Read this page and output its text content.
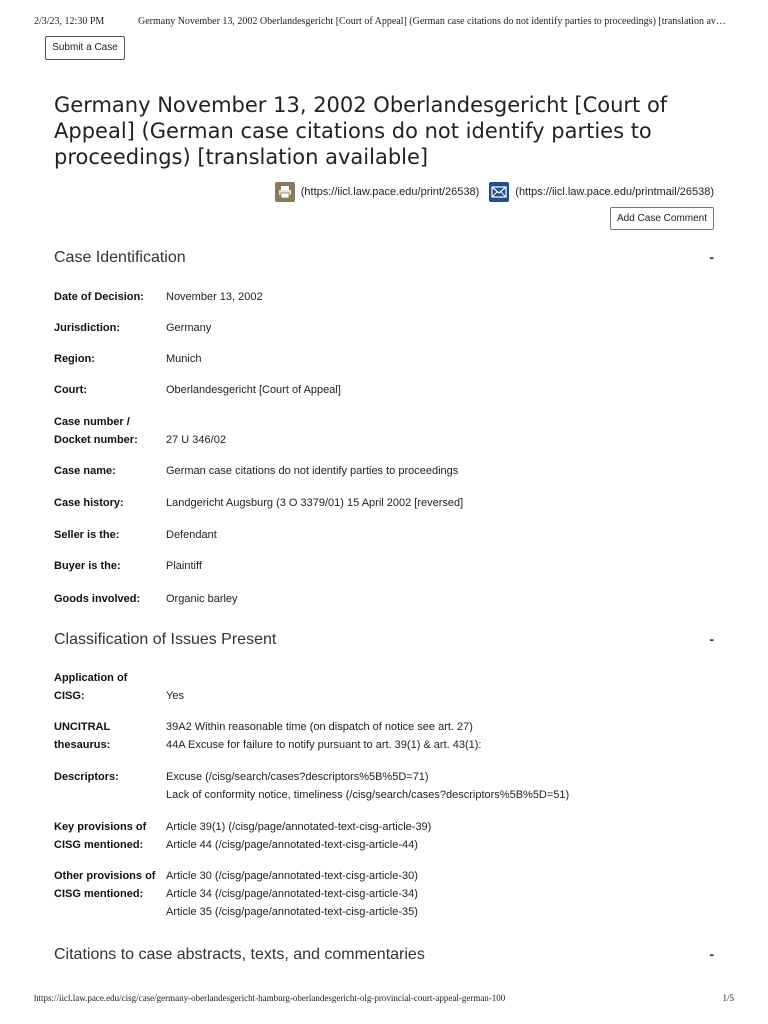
2/3/23, 12:30 PM	Germany November 13, 2002 Oberlandesgericht [Court of Appeal] (German case citations do not identify parties to proceedings) [translation av…
Submit a Case
Germany November 13, 2002 Oberlandesgericht [Court of Appeal] (German case citations do not identify parties to proceedings) [translation available]
(https://iicl.law.pace.edu/print/26538)	(https://iicl.law.pace.edu/printmail/26538)
Add Case Comment
Case Identification	-
Date of Decision:	November 13, 2002
Jurisdiction:	Germany
Region:	Munich
Court:	Oberlandesgericht [Court of Appeal]
Case number /
Docket number:	27 U 346/02
Case name:	German case citations do not identify parties to proceedings
Case history:	Landgericht Augsburg (3 O 3379/01) 15 April 2002 [reversed]
Seller is the:	Defendant
Buyer is the:	Plaintiff
Goods involved:	Organic barley
Classification of Issues Present	-
Application of
CISG:	Yes
UNCITRAL
thesaurus:
39A2 Within reasonable time (on dispatch of notice see art. 27)
44A Excuse for failure to notify pursuant to art. 39(1) & art. 43(1):
Descriptors:	Excuse (/cisg/search/cases?descriptors%5B%5D=71)
Lack of conformity notice, timeliness (/cisg/search/cases?descriptors%5B%5D=51)
Key provisions of
CISG mentioned:
Article 39(1) (/cisg/page/annotated-text-cisg-article-39)
Article 44 (/cisg/page/annotated-text-cisg-article-44)
Other provisions of
CISG mentioned:
Article 30 (/cisg/page/annotated-text-cisg-article-30)
Article 34 (/cisg/page/annotated-text-cisg-article-34)
Article 35 (/cisg/page/annotated-text-cisg-article-35)
Citations to case abstracts, texts, and commentaries	-
https://iicl.law.pace.edu/cisg/case/germany-oberlandesgericht-hamburg-oberlandesgericht-olg-provincial-court-appeal-german-100	1/5
